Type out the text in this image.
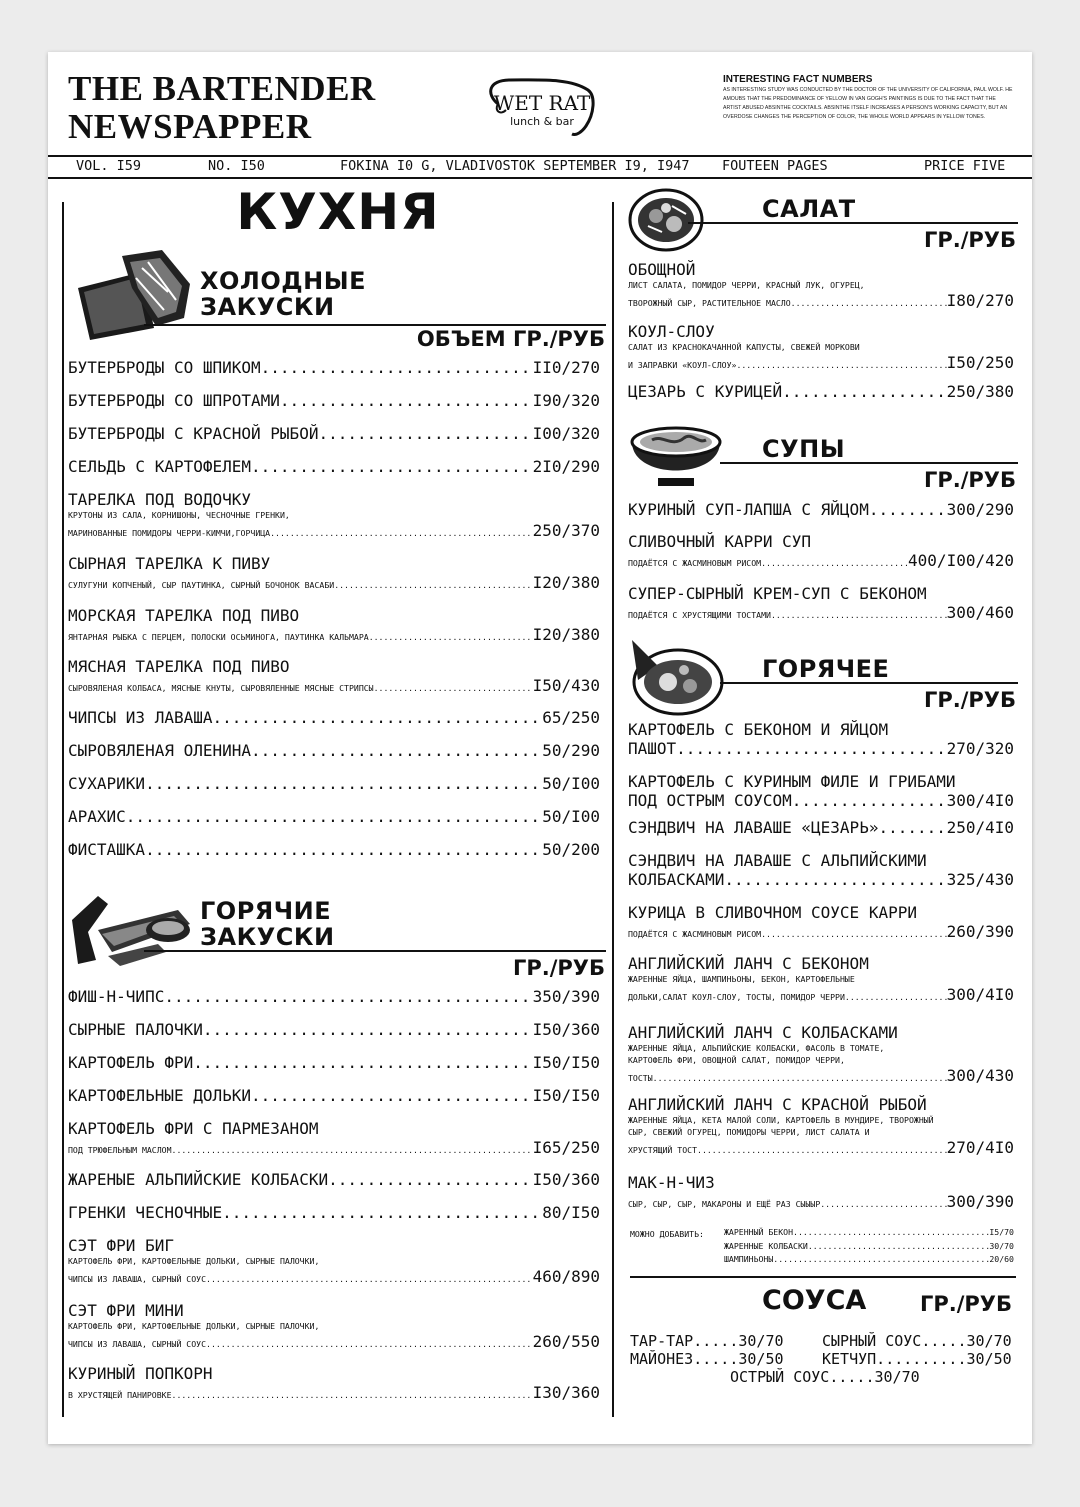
THE BARTENDER
NEWSPAPPER
WET RAT
lunch & bar
INTERESTING FACT NUMBERS
AS INTERESTING STUDY WAS CONDUCTED BY THE DOCTOR OF THE UNIVERSITY OF CALIFORNIA, PAUL WOLF. HE AMOUBS THAT THE PREDOMINANCE OF YELLOW IN VAN GOGH'S PAINTINGS IS DUE TO THE FACT THAT THE ARTIST ABUSED ABSINTHE COCKTAILS. ABSINTHE ITSELF INCREASES A PERSON'S WORKING CAPACITY, BUT AN OVERDOSE CHANGES THE PERCEPTION OF COLOR, THE WHOLE WORLD APPEARS IN YELLOW TONES.
VOL. I59	NO. I50	FOKINA I0 G, VLADIVOSTOK SEPTEMBER I9, I947 FOUTEEN PAGES	PRICE FIVE
КУХНЯ
ХОЛОДНЫЕ
ЗАКУСКИ
ОБЪЕМ ГР./РУБ
БУТЕРБРОДЫ СО ШПИКОМ .....	II0/270
БУТЕРБРОДЫ СО ШПРОТАМИ .....	I90/320
БУТЕРБРОДЫ С КРАСНОЙ РЫБОЙ .....	I00/320
СЕЛЬДЬ С КАРТОФЕЛЕМ .....	2I0/290
ТАРЕЛКА ПОД ВОДОЧКУ
КРУТОНЫ ИЗ САЛА, КОРНИШОНЫ, ЧЕСНОЧНЫЕ ГРЕНКИ,
МАРИНОВАННЫЕ ПОМИДОРЫ ЧЕРРИ-КИМЧИ,ГОРЧИЦА .....	250/370
СЫРНАЯ ТАРЕЛКА К ПИВУ
СУЛУГУНИ КОПЧЕНЫЙ, СЫР ПАУТИНКА, СЫРНЫЙ БОЧОНОК ВАСАБИ .....	I20/380
МОРСКАЯ ТАРЕЛКА ПОД ПИВО
ЯНТАРНАЯ РЫБКА С ПЕРЦЕМ, ПОЛОСКИ ОСЬМИНОГА, ПАУТИНКА КАЛЬМАРА .....	I20/380
МЯСНАЯ ТАРЕЛКА ПОД ПИВО
СЫРОВЯЛЕНАЯ КОЛБАСА, МЯСНЫЕ КНУТЫ, СЫРОВЯЛЕННЫЕ МЯСНЫЕ СТРИПСЫ .....	I50/430
ЧИПСЫ ИЗ ЛАВАША .....	65/250
СЫРОВЯЛЕНАЯ ОЛЕНИНА .....	50/290
СУХАРИКИ .....	50/I00
АРАХИС .....	50/I00
ФИСТАШКА .....	50/200
ГОРЯЧИЕ
ЗАКУСКИ
ГР./РУБ
ФИШ-Н-ЧИПС .....	350/390
СЫРНЫЕ ПАЛОЧКИ .....	I50/360
КАРТОФЕЛЬ ФРИ .....	I50/I50
КАРТОФЕЛЬНЫЕ ДОЛЬКИ .....	I50/I50
КАРТОФЕЛЬ ФРИ С ПАРМЕЗАНОМ
ПОД ТРЮФЕЛЬНЫМ МАСЛОМ .....	I65/250
ЖАРЕНЫЕ АЛЬПИЙСКИЕ КОЛБАСКИ .....	I50/360
ГРЕНКИ ЧЕСНОЧНЫЕ .....	80/I50
СЭТ ФРИ БИГ
КАРТОФЕЛЬ ФРИ, КАРТОФЕЛЬНЫЕ ДОЛЬКИ, СЫРНЫЕ ПАЛОЧКИ,
ЧИПСЫ ИЗ ЛАВАША, СЫРНЫЙ СОУС .....	460/890
СЭТ ФРИ МИНИ
КАРТОФЕЛЬ ФРИ, КАРТОФЕЛЬНЫЕ ДОЛЬКИ, СЫРНЫЕ ПАЛОЧКИ,
ЧИПСЫ ИЗ ЛАВАША, СЫРНЫЙ СОУС .....	260/550
КУРИНЫЙ ПОПКОРН
В ХРУСТЯЩЕЙ ПАНИРОВКЕ .....	I30/360
САЛАТ
ГР./РУБ
ОБОЩНОЙ
ЛИСТ САЛАТА, ПОМИДОР ЧЕРРИ, КРАСНЫЙ ЛУК, ОГУРЕЦ,
ТВОРОЖНЫЙ СЫР, РАСТИТЕЛЬНОЕ МАСЛО .....	I80/270
КОУЛ-СЛОУ
САЛАТ ИЗ КРАСНОКАЧАННОЙ КАПУСТЫ, СВЕЖЕЙ МОРКОВИ
И ЗАПРАВКИ «КОУЛ-СЛОУ» .....	I50/250
ЦЕЗАРЬ С КУРИЦЕЙ .....	250/380
СУПЫ
ГР./РУБ
КУРИНЫЙ СУП-ЛАПША С ЯЙЦОМ .....	300/290
СЛИВОЧНЫЙ КАРРИ СУП
ПОДАЁТСЯ С ЖАСМИНОВЫМ РИСОМ .....	400/I00/420
СУПЕР-СЫРНЫЙ КРЕМ-СУП С БЕКОНОМ
ПОДАЁТСЯ С ХРУСТЯЩИМИ ТОСТАМИ .....	300/460
ГОРЯЧЕЕ
ГР./РУБ
КАРТОФЕЛЬ С БЕКОНОМ И ЯЙЦОМ
ПАШОТ .....	270/320
КАРТОФЕЛЬ С КУРИНЫМ ФИЛЕ И ГРИБАМИ
ПОД ОСТРЫМ СОУСОМ .....	300/4I0
СЭНДВИЧ НА ЛАВАШЕ «ЦЕЗАРЬ» .....	250/4I0
СЭНДВИЧ НА ЛАВАШЕ С АЛЬПИЙСКИМИ
КОЛБАСКАМИ .....	325/430
КУРИЦА В СЛИВОЧНОМ СОУСЕ КАРРИ
ПОДАЁТСЯ С ЖАСМИНОВЫМ РИСОМ .....	260/390
АНГЛИЙСКИЙ ЛАНЧ С БЕКОНОМ
ЖАРЕННЫЕ ЯЙЦА, ШАМПИНЬОНЫ, БЕКОН, КАРТОФЕЛЬНЫЕ
ДОЛЬКИ,САЛАТ КОУЛ-СЛОУ, ТОСТЫ, ПОМИДОР ЧЕРРИ .....	300/4I0
АНГЛИЙСКИЙ ЛАНЧ С КОЛБАСКАМИ
ЖАРЕННЫЕ ЯЙЦА, АЛЬПИЙСКИЕ КОЛБАСКИ, ФАСОЛЬ В ТОМАТЕ,
КАРТОФЕЛЬ ФРИ, ОВОЩНОЙ САЛАТ, ПОМИДОР ЧЕРРИ,
ТОСТЫ .....	300/430
АНГЛИЙСКИЙ ЛАНЧ С КРАСНОЙ РЫБОЙ
ЖАРЕННЫЕ ЯЙЦА, КЕТА МАЛОЙ СОЛИ, КАРТОФЕЛЬ В МУНДИРЕ, ТВОРОЖНЫЙ
СЫР, СВЕЖИЙ ОГУРЕЦ, ПОМИДОРЫ ЧЕРРИ, ЛИСТ САЛАТА И
ХРУСТЯЩИЙ ТОСТ .....	270/4I0
МАК-Н-ЧИЗ
СЫР, СЫР, СЫР, МАКАРОНЫ И ЕЩЁ РАЗ СЫЫЫР .....	300/390
МОЖНО ДОБАВИТЬ: ЖАРЕННЫЙ БЕКОН .....	I5/70
ЖАРЕННЫЕ КОЛБАСКИ .....	30/70
ШАМПИНЬОНЫ .....	20/60
СОУСА	ГР./РУБ
ТАР-ТАР.....30/70	СЫРНЫЙ СОУС.....30/70
МАЙОНЕЗ.....30/50	КЕТЧУП..........30/50
ОСТРЫЙ СОУС.....30/70
